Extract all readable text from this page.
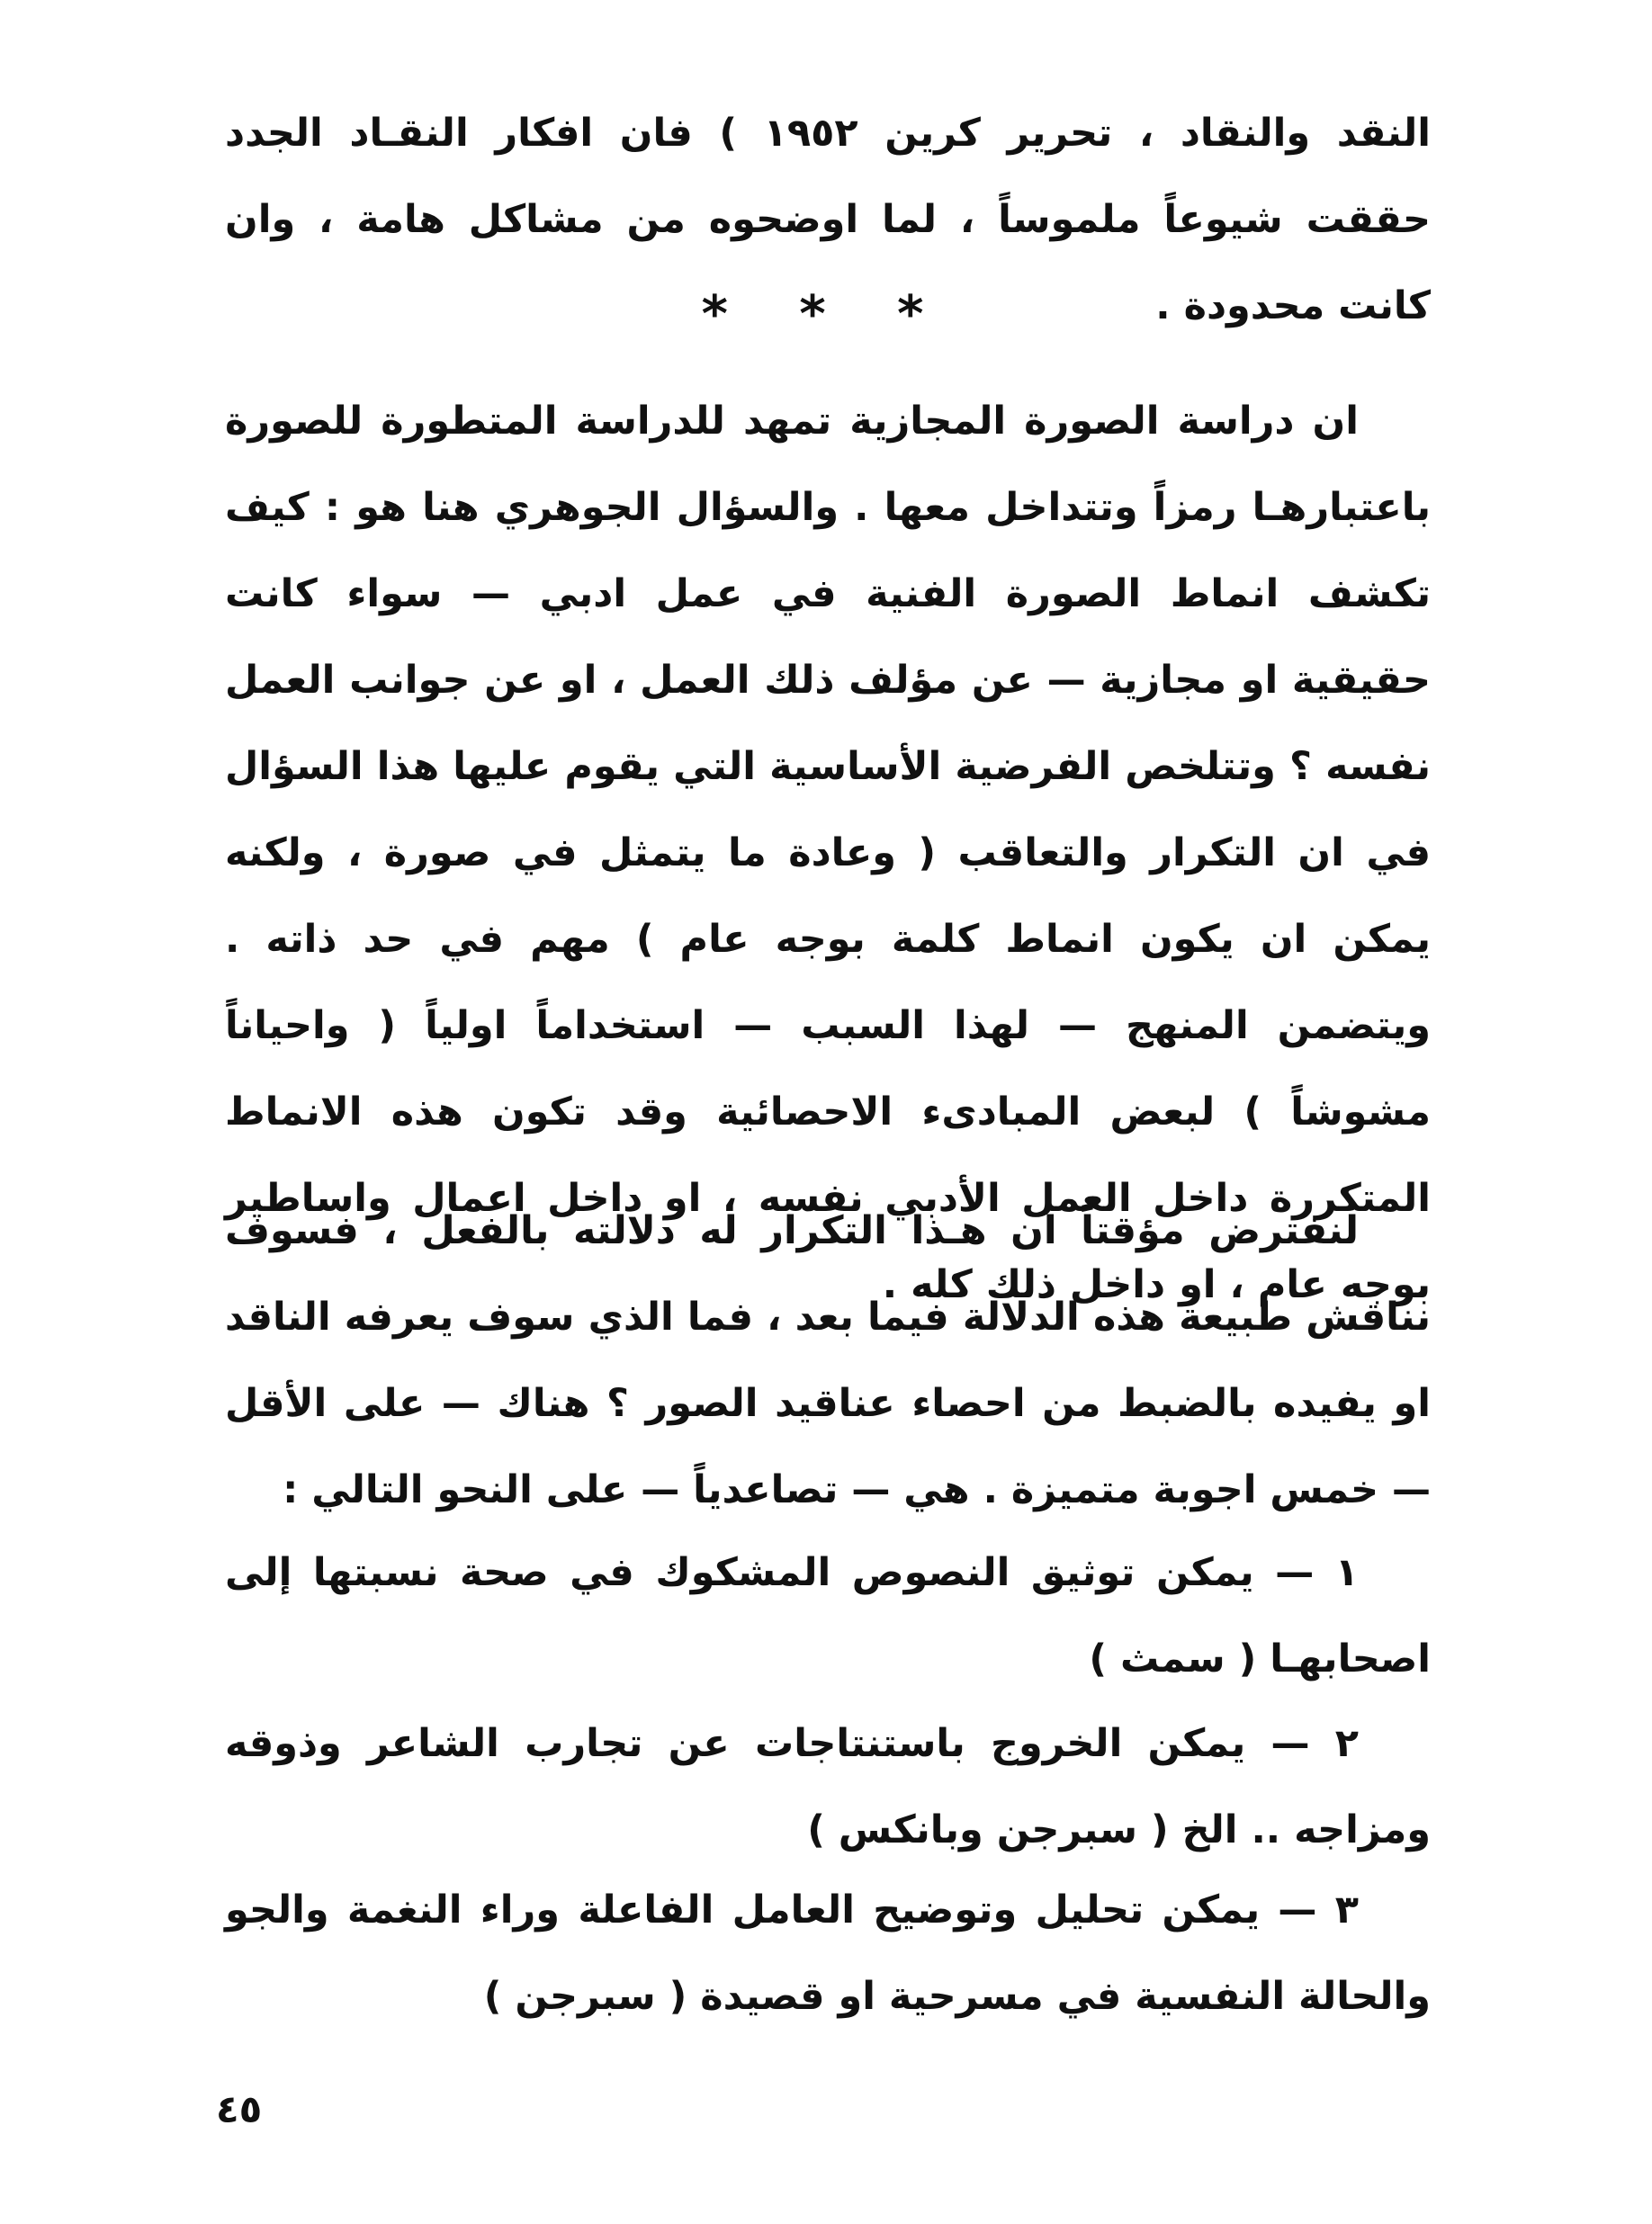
النقد والنقاد ، تحرير كرين ١٩٥٢ ) فان افكار النقـاد الجدد حققت شيوعاً ملموساً ، لما اوضحوه من مشاكل هامة ، وان كانت محدودة .

* * *

ان دراسة الصورة المجازية تمهد للدراسة المتطورة للصورة باعتبارهـا رمزاً وتتداخل معها . والسؤال الجوهري هنا هو : كيف تكشف انماط الصورة الفنية في عمل ادبي — سواء كانت حقيقية او مجازية — عن مؤلف ذلك العمل ، او عن جوانب العمل نفسه ؟ وتتلخص الفرضية الأساسية التي يقوم عليها هذا السؤال في ان التكرار والتعاقب ( وعادة ما يتمثل في صورة ، ولكنه يمكن ان يكون انماط كلمة بوجه عام ) مهم في حد ذاته . ويتضمن المنهج — لهذا السبب — استخداماً اولياً ( واحياناً مشوشاً ) لبعض المبادىء الاحصائية وقد تكون هذه الانماط المتكررة داخل العمل الأدبي نفسه ، او داخل اعمال واساطير بوجه عام ، او داخل ذلك كله .

لنفترض مؤقتاً ان هـذا التكرار له دلالته بالفعل ، فسوف نناقش طبيعة هذه الدلالة فيما بعد ، فما الذي سوف يعرفه الناقد او يفيده بالضبط من احصاء عناقيد الصور ؟ هناك — على الأقل — خمس اجوبة متميزة . هي — تصاعدياً — على النحو التالي :

١ — يمكن توثيق النصوص المشكوك في صحة نسبتها إلى اصحابهـا ( سمث )

٢ — يمكن الخروج باستنتاجات عن تجارب الشاعر وذوقه ومزاجه .. الخ ( سبرجن وبانكس )

٣ — يمكن تحليل وتوضيح العامل الفاعلة وراء النغمة والجو والحالة النفسية في مسرحية او قصيدة ( سبرجن )

٤٥
